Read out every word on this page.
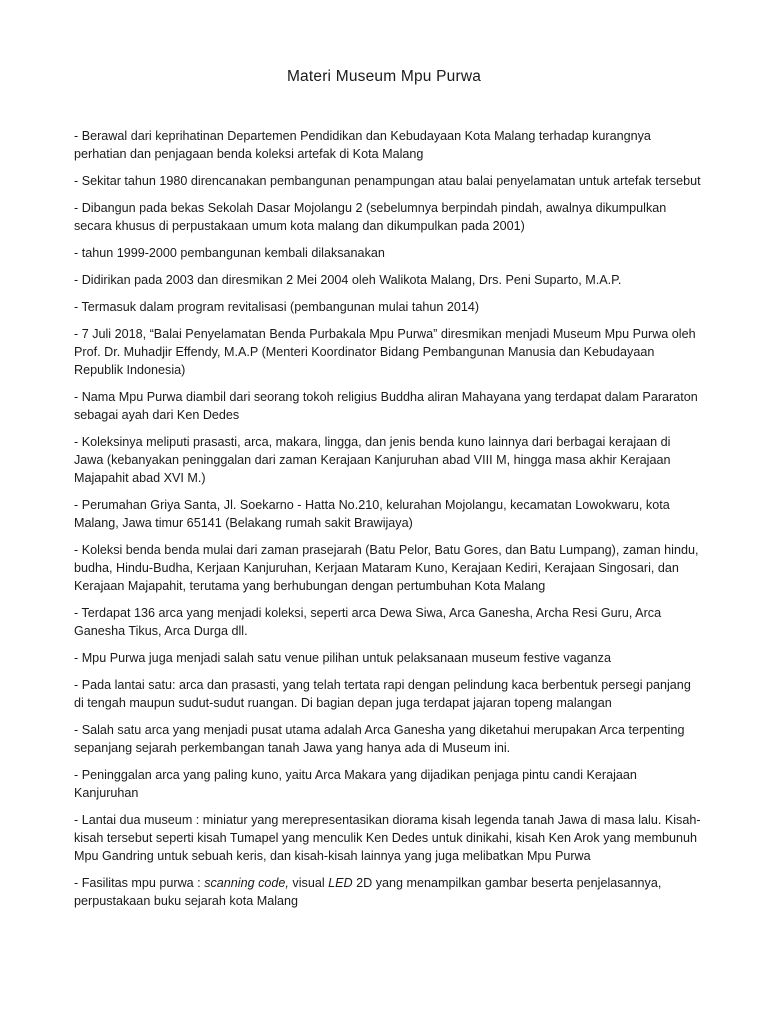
Materi Museum Mpu Purwa

- Berawal dari keprihatinan Departemen Pendidikan dan Kebudayaan Kota Malang terhadap kurangnya perhatian dan penjagaan benda koleksi artefak di Kota Malang

- Sekitar tahun 1980 direncanakan pembangunan penampungan atau balai penyelamatan untuk artefak tersebut

- Dibangun pada bekas Sekolah Dasar Mojolangu 2 (sebelumnya berpindah pindah, awalnya dikumpulkan secara khusus di perpustakaan umum kota malang dan dikumpulkan pada 2001)

- tahun 1999-2000 pembangunan kembali dilaksanakan

- Didirikan pada 2003 dan diresmikan 2 Mei 2004 oleh Walikota Malang, Drs. Peni Suparto, M.A.P.

- Termasuk dalam program revitalisasi (pembangunan mulai tahun 2014)

- 7 Juli 2018, “Balai Penyelamatan Benda Purbakala Mpu Purwa” diresmikan menjadi Museum Mpu Purwa oleh Prof. Dr. Muhadjir Effendy, M.A.P (Menteri Koordinator Bidang Pembangunan Manusia dan Kebudayaan Republik Indonesia)

- Nama Mpu Purwa diambil dari seorang tokoh religius Buddha aliran Mahayana yang terdapat dalam Pararaton sebagai ayah dari Ken Dedes

- Koleksinya meliputi prasasti, arca, makara, lingga, dan jenis benda kuno lainnya dari berbagai kerajaan di Jawa (kebanyakan peninggalan dari zaman Kerajaan Kanjuruhan abad VIII M, hingga masa akhir Kerajaan Majapahit abad XVI M.)

- Perumahan Griya Santa, Jl. Soekarno - Hatta No.210, kelurahan Mojolangu, kecamatan Lowokwaru, kota Malang, Jawa timur 65141 (Belakang rumah sakit Brawijaya)

- Koleksi benda benda mulai dari zaman prasejarah (Batu Pelor, Batu Gores, dan Batu Lumpang), zaman hindu, budha, Hindu-Budha, Kerjaan Kanjuruhan, Kerjaan Mataram Kuno, Kerajaan Kediri, Kerajaan Singosari, dan Kerajaan Majapahit, terutama yang berhubungan dengan pertumbuhan Kota Malang

- Terdapat 136 arca yang menjadi koleksi, seperti arca Dewa Siwa, Arca Ganesha, Archa Resi Guru, Arca Ganesha Tikus, Arca Durga dll.

- Mpu Purwa juga menjadi salah satu venue pilihan untuk pelaksanaan museum festive vaganza

- Pada lantai satu: arca dan prasasti, yang telah tertata rapi dengan pelindung kaca berbentuk persegi panjang di tengah maupun sudut-sudut ruangan. Di bagian depan juga terdapat jajaran topeng malangan

- Salah satu arca yang menjadi pusat utama adalah Arca Ganesha yang diketahui merupakan Arca terpenting sepanjang sejarah perkembangan tanah Jawa yang hanya ada di Museum ini.

- Peninggalan arca yang paling kuno, yaitu Arca Makara yang dijadikan penjaga pintu candi Kerajaan Kanjuruhan

- Lantai dua museum : miniatur yang merepresentasikan diorama kisah legenda tanah Jawa di masa lalu. Kisah-kisah tersebut seperti kisah Tumapel yang menculik Ken Dedes untuk dinikahi, kisah Ken Arok yang membunuh Mpu Gandring untuk sebuah keris, dan kisah-kisah lainnya yang juga melibatkan Mpu Purwa

- Fasilitas mpu purwa : scanning code, visual LED 2D yang menampilkan gambar beserta penjelasannya, perpustakaan buku sejarah kota Malang
